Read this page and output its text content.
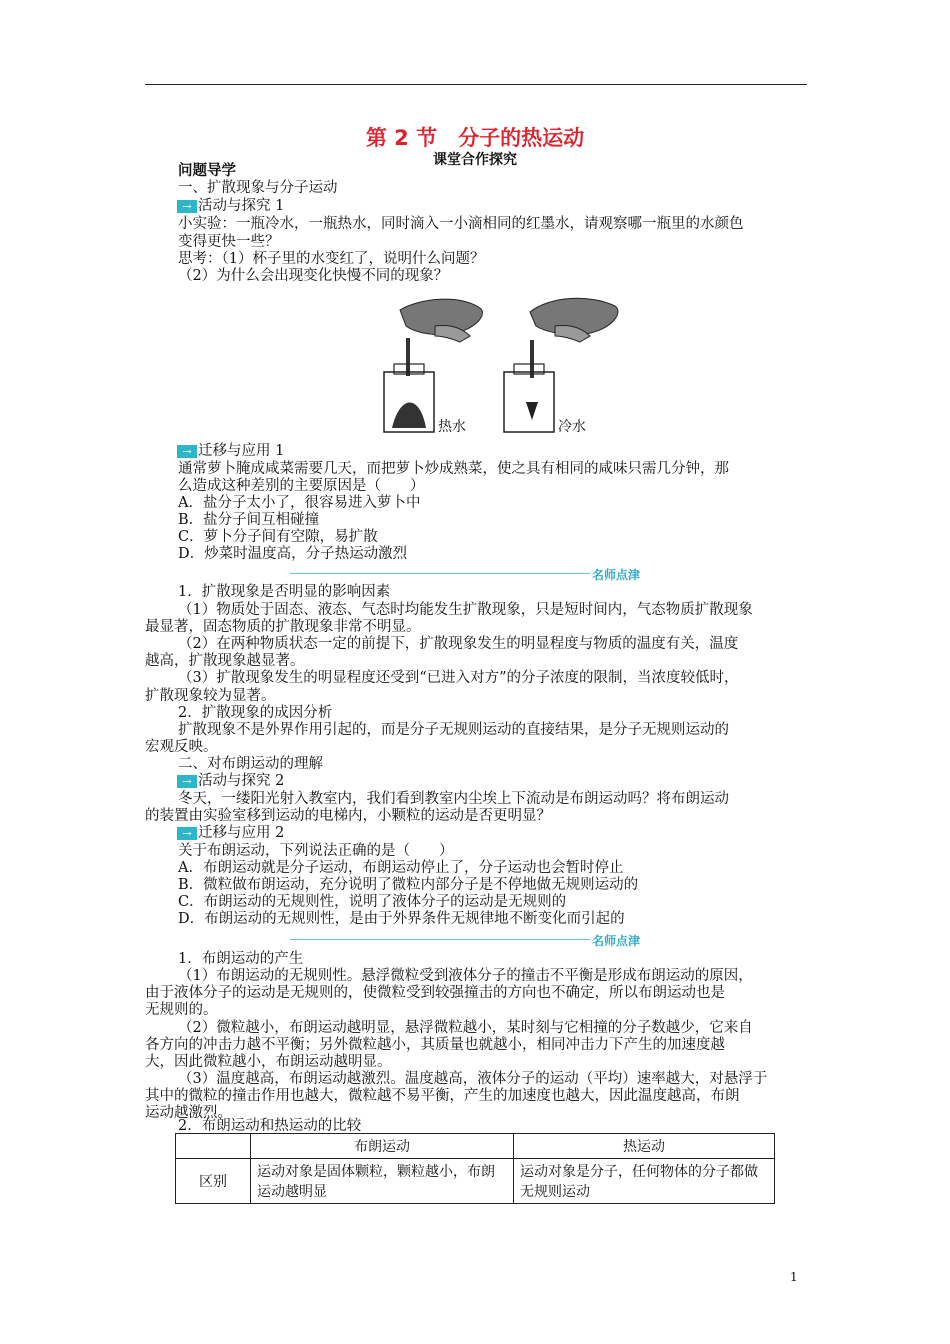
第 2 节　分子的热运动
课堂合作探究
问题导学
一、扩散现象与分子运动
→ 活动与探究 1
小实验：一瓶冷水，一瓶热水，同时滴入一小滴相同的红墨水，请观察哪一瓶里的水颜色
变得更快一些？
思考：（1）杯子里的水变红了，说明什么问题？
（2）为什么会出现变化快慢不同的现象？
热水	冷水
→ 迁移与应用 1
通常萝卜腌成咸菜需要几天，而把萝卜炒成熟菜，使之具有相同的咸味只需几分钟，那
么造成这种差别的主要原因是（　　）
A．盐分子太小了，很容易进入萝卜中
B．盐分子间互相碰撞
C．萝卜分子间有空隙，易扩散
D．炒菜时温度高，分子热运动激烈
名师点津
1．扩散现象是否明显的影响因素
（1）物质处于固态、液态、气态时均能发生扩散现象，只是短时间内，气态物质扩散现象
最显著，固态物质的扩散现象非常不明显。
（2）在两种物质状态一定的前提下，扩散现象发生的明显程度与物质的温度有关，温度
越高，扩散现象越显著。
（3）扩散现象发生的明显程度还受到“已进入对方”的分子浓度的限制，当浓度较低时，
扩散现象较为显著。
2．扩散现象的成因分析
扩散现象不是外界作用引起的，而是分子无规则运动的直接结果，是分子无规则运动的
宏观反映。
二、对布朗运动的理解
→ 活动与探究 2
冬天，一缕阳光射入教室内，我们看到教室内尘埃上下流动是布朗运动吗？将布朗运动
的装置由实验室移到运动的电梯内，小颗粒的运动是否更明显？
→ 迁移与应用 2
关于布朗运动，下列说法正确的是（　　）
A．布朗运动就是分子运动，布朗运动停止了，分子运动也会暂时停止
B．微粒做布朗运动，充分说明了微粒内部分子是不停地做无规则运动的
C．布朗运动的无规则性，说明了液体分子的运动是无规则的
D．布朗运动的无规则性，是由于外界条件无规律地不断变化而引起的
名师点津
1．布朗运动的产生
（1）布朗运动的无规则性。悬浮微粒受到液体分子的撞击不平衡是形成布朗运动的原因，
由于液体分子的运动是无规则的，使微粒受到较强撞击的方向也不确定，所以布朗运动也是
无规则的。
（2）微粒越小，布朗运动越明显，悬浮微粒越小，某时刻与它相撞的分子数越少，它来自
各方向的冲击力越不平衡；另外微粒越小，其质量也就越小，相同冲击力下产生的加速度越
大，因此微粒越小，布朗运动越明显。
（3）温度越高，布朗运动越激烈。温度越高，液体分子的运动（平均）速率越大，对悬浮于
其中的微粒的撞击作用也越大，微粒越不易平衡，产生的加速度也越大，因此温度越高，布朗
运动越激烈。
2．布朗运动和热运动的比较
	布朗运动	热运动
区别	运动对象是固体颗粒，颗粒越小，布朗运动越明显	运动对象是分子，任何物体的分子都做无规则运动
1
